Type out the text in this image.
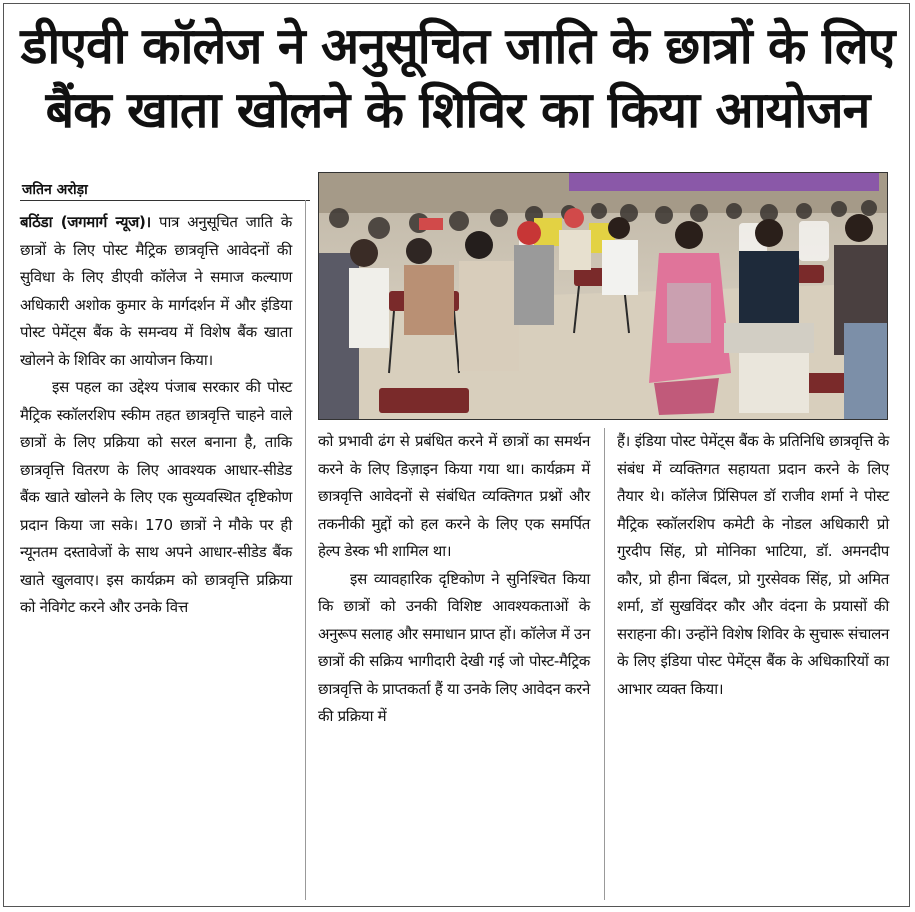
डीएवी कॉलेज ने अनुसूचित जाति के छात्रों के लिए
बैंक खाता खोलने के शिविर का किया आयोजन
जतिन अरोड़ा

बठिंडा (जगमार्ग न्यूज)। पात्र अनुसूचित जाति के छात्रों के लिए पोस्ट मैट्रिक छात्रवृत्ति आवेदनों की सुविधा के लिए डीएवी कॉलेज ने समाज कल्याण अधिकारी अशोक कुमार के मार्गदर्शन में और इंडिया पोस्ट पेमेंट्स बैंक के समन्वय में विशेष बैंक खाता खोलने के शिविर का आयोजन किया।

इस पहल का उद्देश्य पंजाब सरकार की पोस्ट मैट्रिक स्कॉलरशिप स्कीम तहत छात्रवृत्ति चाहने वाले छात्रों के लिए प्रक्रिया को सरल बनाना है, ताकि छात्रवृत्ति वितरण के लिए आवश्यक आधार-सीडेड बैंक खाते खोलने के लिए एक सुव्यवस्थित दृष्टिकोण प्रदान किया जा सके। 170 छात्रों ने मौके पर ही न्यूनतम दस्तावेजों के साथ अपने आधार-सीडेड बैंक खाते खुलवाए। इस कार्यक्रम को छात्रवृत्ति प्रक्रिया को नेविगेट करने और उनके वित्त

को प्रभावी ढंग से प्रबंधित करने में छात्रों का समर्थन करने के लिए डिज़ाइन किया गया था। कार्यक्रम में छात्रवृत्ति आवेदनों से संबंधित व्यक्तिगत प्रश्नों और तकनीकी मुद्दों को हल करने के लिए एक समर्पित हेल्प डेस्क भी शामिल था।

इस व्यावहारिक दृष्टिकोण ने सुनिश्चित किया कि छात्रों को उनकी विशिष्ट आवश्यकताओं के अनुरूप सलाह और समाधान प्राप्त हों। कॉलेज में उन छात्रों की सक्रिय भागीदारी देखी गई जो पोस्ट-मैट्रिक छात्रवृत्ति के प्राप्तकर्ता हैं या उनके लिए आवेदन करने की प्रक्रिया में

हैं। इंडिया पोस्ट पेमेंट्स बैंक के प्रतिनिधि छात्रवृत्ति के संबंध में व्यक्तिगत सहायता प्रदान करने के लिए तैयार थे। कॉलेज प्रिंसिपल डॉ राजीव शर्मा ने पोस्ट मैट्रिक स्कॉलरशिप कमेटी के नोडल अधिकारी प्रो गुरदीप सिंह, प्रो मोनिका भाटिया, डॉ. अमनदीप कौर, प्रो हीना बिंदल, प्रो गुरसेवक सिंह, प्रो अमित शर्मा, डॉ सुखविंदर कौर और वंदना के प्रयासों की सराहना की। उन्होंने विशेष शिविर के सुचारू संचालन के लिए इंडिया पोस्ट पेमेंट्स बैंक के अधिकारियों का आभार व्यक्त किया।
